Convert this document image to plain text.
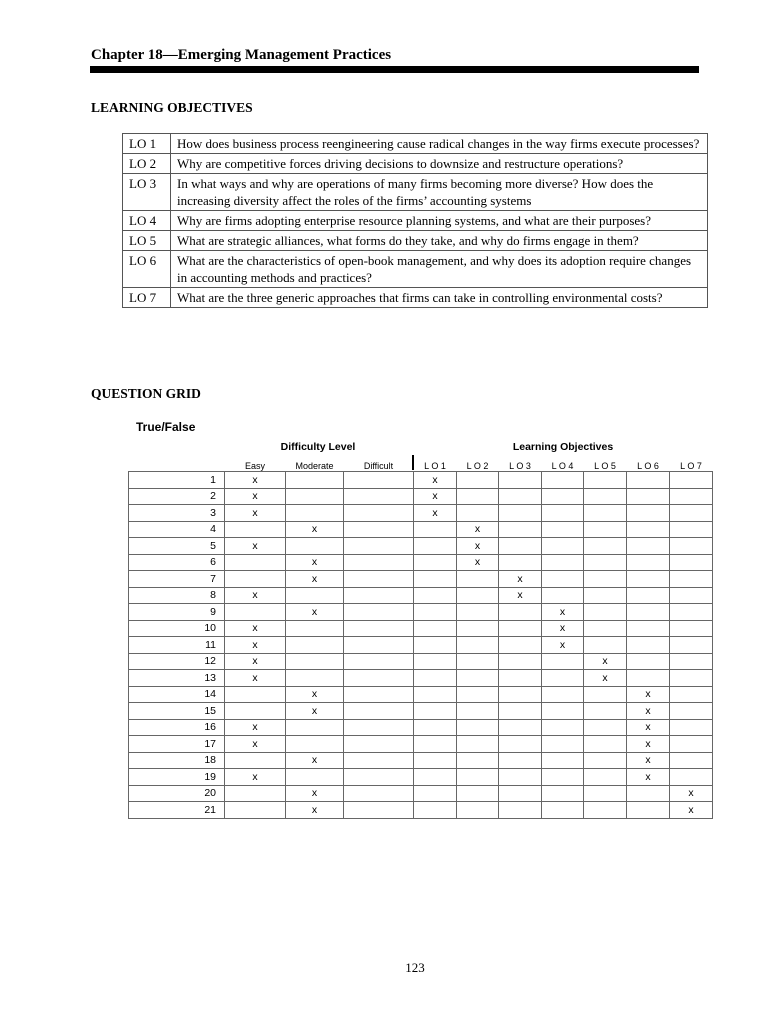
Chapter 18—Emerging Management Practices
LEARNING OBJECTIVES
LO 1	How does business process reengineering cause radical changes in the way firms execute processes?
LO 2	Why are competitive forces driving decisions to downsize and restructure operations?
LO 3	In what ways and why are operations of many firms becoming more diverse? How does the increasing diversity affect the roles of the firms’ accounting systems
LO 4	Why are firms adopting enterprise resource planning systems, and what are their purposes?
LO 5	What are strategic alliances, what forms do they take, and why do firms engage in them?
LO 6	What are the characteristics of open-book management, and why does its adoption require changes in accounting methods and practices?
LO 7	What are the three generic approaches that firms can take in controlling environmental costs?
QUESTION GRID
True/False
Difficulty Level	Learning Objectives
	Easy	Moderate	Difficult	L O 1	L O 2	L O 3	L O 4	L O 5	L O 6	L O 7
1	x			x						
2	x			x						
3	x			x						
4		x			x					
5	x				x					
6		x			x					
7		x				x				
8	x					x				
9		x					x			
10	x						x			
11	x						x			
12	x							x		
13	x							x		
14		x							x	
15		x							x	
16	x								x	
17	x								x	
18		x							x	
19	x								x	
20		x								x
21		x								x
123
